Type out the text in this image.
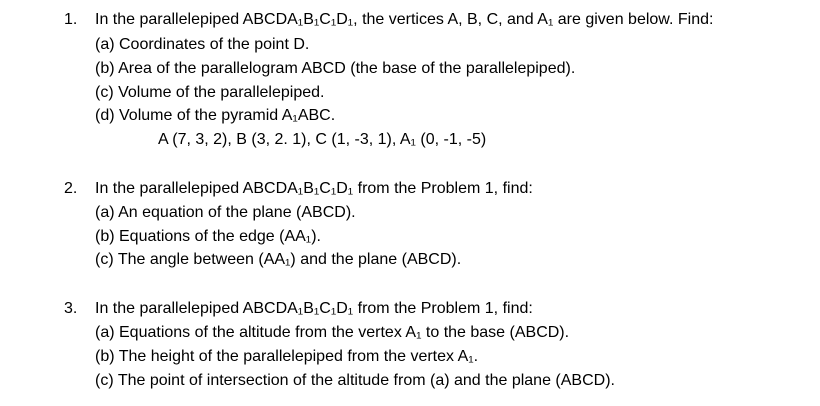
1. In the parallelepiped ABCDA₁B₁C₁D₁, the vertices A, B, C, and A₁ are given below. Find:
(a) Coordinates of the point D.
(b) Area of the parallelogram ABCD (the base of the parallelepiped).
(c) Volume of the parallelepiped.
(d) Volume of the pyramid A₁ABC.
A (7, 3, 2), B (3, 2. 1), C (1, -3, 1), A₁ (0, -1, -5)
2. In the parallelepiped ABCDA₁B₁C₁D₁ from the Problem 1, find:
(a) An equation of the plane (ABCD).
(b) Equations of the edge (AA₁).
(c) The angle between (AA₁) and the plane (ABCD).
3. In the parallelepiped ABCDA₁B₁C₁D₁ from the Problem 1, find:
(a) Equations of the altitude from the vertex A₁ to the base (ABCD).
(b) The height of the parallelepiped from the vertex A₁.
(c) The point of intersection of the altitude from (a) and the plane (ABCD).
